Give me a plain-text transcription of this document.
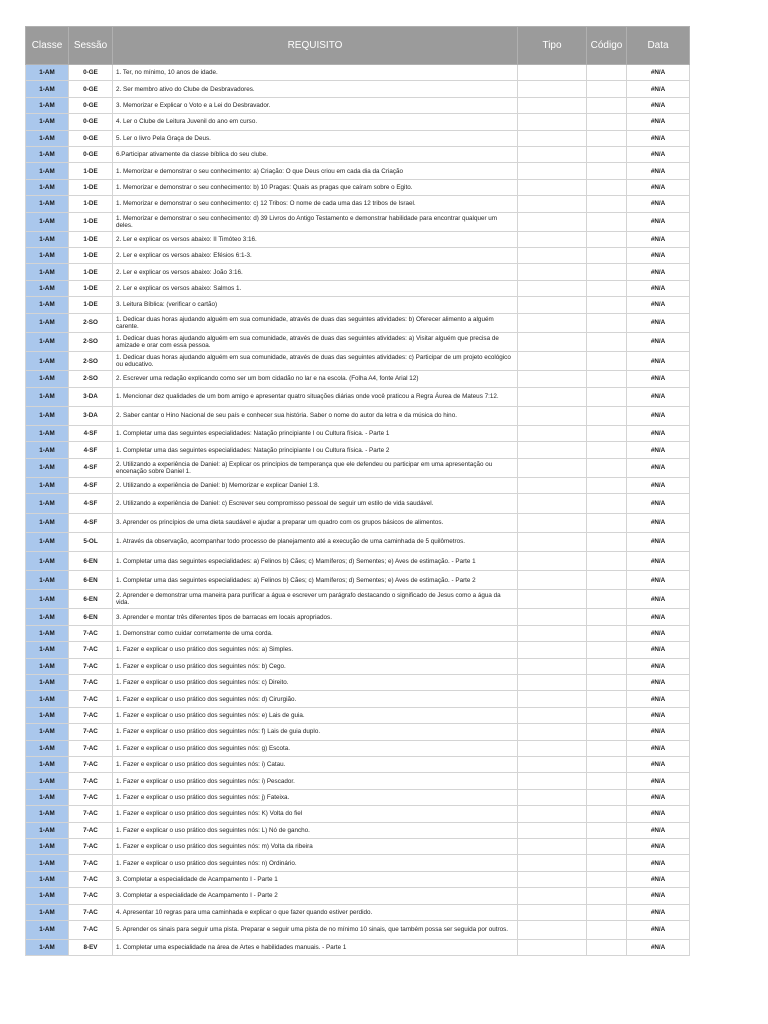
Classe	Sessão	REQUISITO	Tipo	Código	Data
1-AM	0-GE	1. Ter, no mínimo, 10 anos de idade.			#N/A
1-AM	0-GE	2. Ser membro ativo do Clube de Desbravadores.			#N/A
1-AM	0-GE	3. Memorizar e Explicar o Voto e a Lei do Desbravador.			#N/A
1-AM	0-GE	4. Ler o Clube de Leitura Juvenil do ano em curso.			#N/A
1-AM	0-GE	5. Ler o livro Pela Graça de Deus.			#N/A
1-AM	0-GE	6.Participar ativamente da classe bíblica do seu clube.			#N/A
1-AM	1-DE	1. Memorizar e demonstrar o seu conhecimento: a) Criação: O que Deus criou em cada dia da Criação			#N/A
1-AM	1-DE	1. Memorizar e demonstrar o seu conhecimento: b) 10 Pragas: Quais as pragas que caíram sobre o Egito.			#N/A
1-AM	1-DE	1. Memorizar e demonstrar o seu conhecimento: c) 12 Tribos: O nome de cada uma das 12 tribos de Israel.			#N/A
1-AM	1-DE	1. Memorizar e demonstrar o seu conhecimento: d) 39 Livros do Antigo Testamento e demonstrar habilidade para encontrar qualquer um deles.			#N/A
1-AM	1-DE	2. Ler e explicar os versos abaixo: II Timóteo 3:16.			#N/A
1-AM	1-DE	2. Ler e explicar os versos abaixo: Efésios 6:1-3.			#N/A
1-AM	1-DE	2. Ler e explicar os versos abaixo: João 3:16.			#N/A
1-AM	1-DE	2. Ler e explicar os versos abaixo: Salmos 1.			#N/A
1-AM	1-DE	3. Leitura Bíblica: (verificar o cartão)			#N/A
1-AM	2-SO	1. Dedicar duas horas ajudando alguém em sua comunidade, através de duas das seguintes atividades: b) Oferecer alimento a alguém carente.			#N/A
1-AM	2-SO	1. Dedicar duas horas ajudando alguém em sua comunidade, através de duas das seguintes atividades: a) Visitar alguém que precisa de amizade e orar com essa pessoa.			#N/A
1-AM	2-SO	1. Dedicar duas horas ajudando alguém em sua comunidade, através de duas das seguintes atividades: c) Participar de um projeto ecológico ou educativo.			#N/A
1-AM	2-SO	2. Escrever uma redação explicando como ser um bom cidadão no lar e na escola. (Folha A4, fonte Arial 12)			#N/A
1-AM	3-DA	1. Mencionar dez qualidades de um bom amigo e apresentar quatro situações diárias onde você praticou a Regra Áurea de Mateus 7:12.			#N/A
1-AM	3-DA	2. Saber cantar o Hino Nacional de seu país e conhecer sua história. Saber o nome do autor da letra e da música do hino.			#N/A
1-AM	4-SF	1. Completar uma das seguintes especialidades: Natação principiante I ou Cultura física. - Parte 1			#N/A
1-AM	4-SF	1. Completar uma das seguintes especialidades: Natação principiante I ou Cultura física. - Parte 2			#N/A
1-AM	4-SF	2. Utilizando a experiência de Daniel: a) Explicar os princípios de temperança que ele defendeu ou participar em uma apresentação ou encenação sobre Daniel 1.			#N/A
1-AM	4-SF	2. Utilizando a experiência de Daniel: b) Memorizar e explicar Daniel 1:8.			#N/A
1-AM	4-SF	2. Utilizando a experiência de Daniel: c) Escrever seu compromisso pessoal de seguir um estilo de vida saudável.			#N/A
1-AM	4-SF	3. Aprender os princípios de uma dieta saudável e ajudar a preparar um quadro com os grupos básicos de alimentos.			#N/A
1-AM	5-OL	1. Através da observação, acompanhar todo processo de planejamento até a execução de uma caminhada de 5 quilômetros.			#N/A
1-AM	6-EN	1. Completar uma das seguintes especialidades: a) Felinos b) Cães; c) Mamíferos; d) Sementes; e) Aves de estimação. - Parte 1			#N/A
1-AM	6-EN	1. Completar uma das seguintes especialidades: a) Felinos b) Cães; c) Mamíferos; d) Sementes; e) Aves de estimação. - Parte 2			#N/A
1-AM	6-EN	2. Aprender e demonstrar uma maneira para purificar a água e escrever um parágrafo destacando o significado de Jesus como a água da vida.			#N/A
1-AM	6-EN	3. Aprender e montar três diferentes tipos de barracas em locais apropriados.			#N/A
1-AM	7-AC	1. Demonstrar como cuidar corretamente de uma corda.			#N/A
1-AM	7-AC	1. Fazer e explicar o uso prático dos seguintes nós: a) Simples.			#N/A
1-AM	7-AC	1. Fazer e explicar o uso prático dos seguintes nós: b) Cego.			#N/A
1-AM	7-AC	1. Fazer e explicar o uso prático dos seguintes nós: c) Direito.			#N/A
1-AM	7-AC	1. Fazer e explicar o uso prático dos seguintes nós: d) Cirurgião.			#N/A
1-AM	7-AC	1. Fazer e explicar o uso prático dos seguintes nós: e) Lais de guia.			#N/A
1-AM	7-AC	1. Fazer e explicar o uso prático dos seguintes nós: f) Lais de guia duplo.			#N/A
1-AM	7-AC	1. Fazer e explicar o uso prático dos seguintes nós: g) Escota.			#N/A
1-AM	7-AC	1. Fazer e explicar o uso prático dos seguintes nós: i) Catau.			#N/A
1-AM	7-AC	1. Fazer e explicar o uso prático dos seguintes nós: i) Pescador.			#N/A
1-AM	7-AC	1. Fazer e explicar o uso prático dos seguintes nós: j) Fateixa.			#N/A
1-AM	7-AC	1. Fazer e explicar o uso prático dos seguintes nós: K) Volta do fiel			#N/A
1-AM	7-AC	1. Fazer e explicar o uso prático dos seguintes nós: L) Nó de gancho.			#N/A
1-AM	7-AC	1. Fazer e explicar o uso prático dos seguintes nós: m) Volta da ribeira			#N/A
1-AM	7-AC	1. Fazer e explicar o uso prático dos seguintes nós: n) Ordinário.			#N/A
1-AM	7-AC	3. Completar a especialidade de Acampamento I - Parte 1			#N/A
1-AM	7-AC	3. Completar a especialidade de Acampamento I - Parte 2			#N/A
1-AM	7-AC	4. Apresentar 10 regras para uma caminhada e explicar o que fazer quando estiver perdido.			#N/A
1-AM	7-AC	5. Aprender os sinais para seguir uma pista. Preparar e seguir uma pista de no mínimo 10 sinais, que também possa ser seguida por outros.			#N/A
1-AM	8-EV	1. Completar uma especialidade na área de Artes e habilidades manuais. - Parte 1			#N/A
